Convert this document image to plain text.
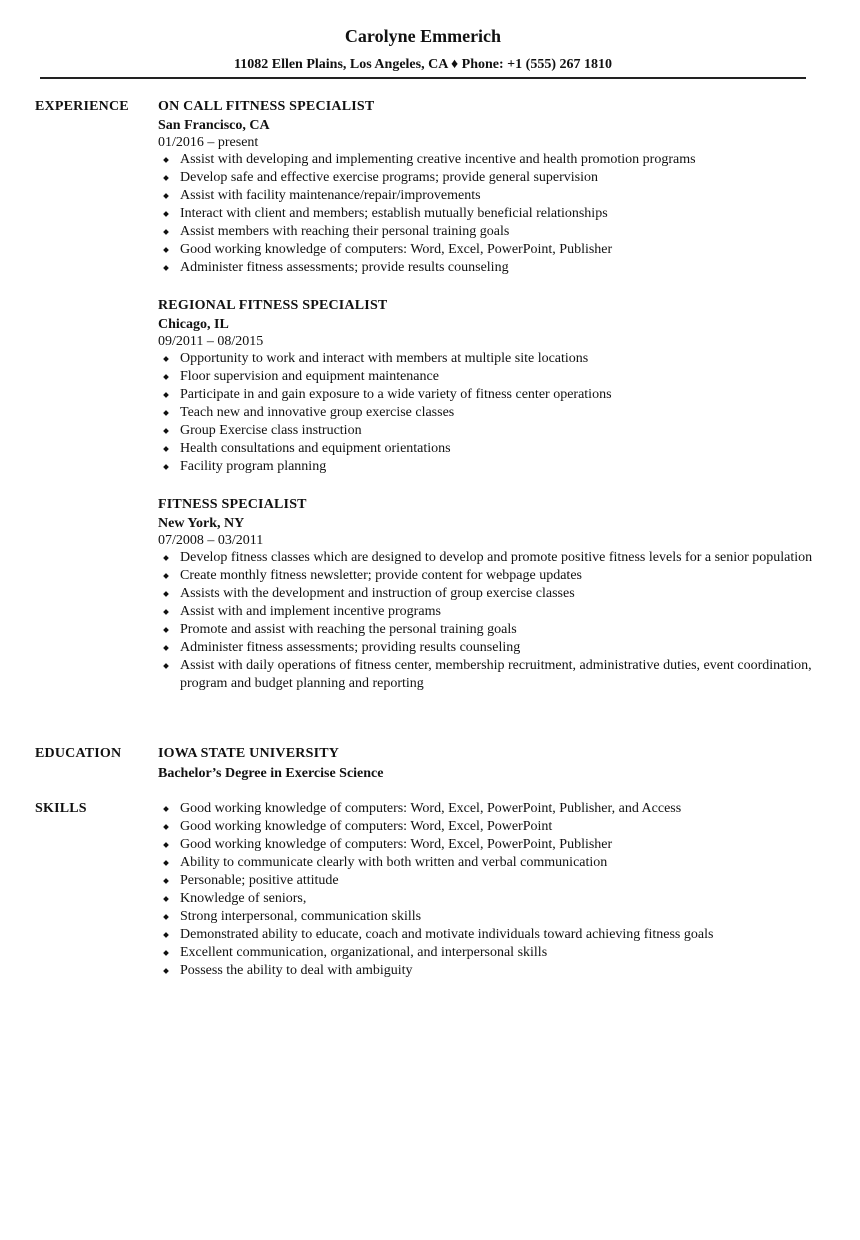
Carolyne Emmerich
11082 Ellen Plains, Los Angeles, CA ♦ Phone: +1 (555) 267 1810
EXPERIENCE	ON CALL FITNESS SPECIALIST
San Francisco, CA
01/2016 – present
Assist with developing and implementing creative incentive and health promotion programs
Develop safe and effective exercise programs; provide general supervision
Assist with facility maintenance/repair/improvements
Interact with client and members; establish mutually beneficial relationships
Assist members with reaching their personal training goals
Good working knowledge of computers: Word, Excel, PowerPoint, Publisher
Administer fitness assessments; provide results counseling
REGIONAL FITNESS SPECIALIST
Chicago, IL
09/2011 – 08/2015
Opportunity to work and interact with members at multiple site locations
Floor supervision and equipment maintenance
Participate in and gain exposure to a wide variety of fitness center operations
Teach new and innovative group exercise classes
Group Exercise class instruction
Health consultations and equipment orientations
Facility program planning
FITNESS SPECIALIST
New York, NY
07/2008 – 03/2011
Develop fitness classes which are designed to develop and promote positive fitness levels for a senior population
Create monthly fitness newsletter; provide content for webpage updates
Assists with the development and instruction of group exercise classes
Assist with and implement incentive programs
Promote and assist with reaching the personal training goals
Administer fitness assessments; providing results counseling
Assist with daily operations of fitness center, membership recruitment, administrative duties, event coordination, program and budget planning and reporting
EDUCATION	IOWA STATE UNIVERSITY
Bachelor’s Degree in Exercise Science
SKILLS	Good working knowledge of computers: Word, Excel, PowerPoint, Publisher, and Access
Good working knowledge of computers: Word, Excel, PowerPoint
Good working knowledge of computers: Word, Excel, PowerPoint, Publisher
Ability to communicate clearly with both written and verbal communication
Personable; positive attitude
Knowledge of seniors,
Strong interpersonal, communication skills
Demonstrated ability to educate, coach and motivate individuals toward achieving fitness goals
Excellent communication, organizational, and interpersonal skills
Possess the ability to deal with ambiguity
